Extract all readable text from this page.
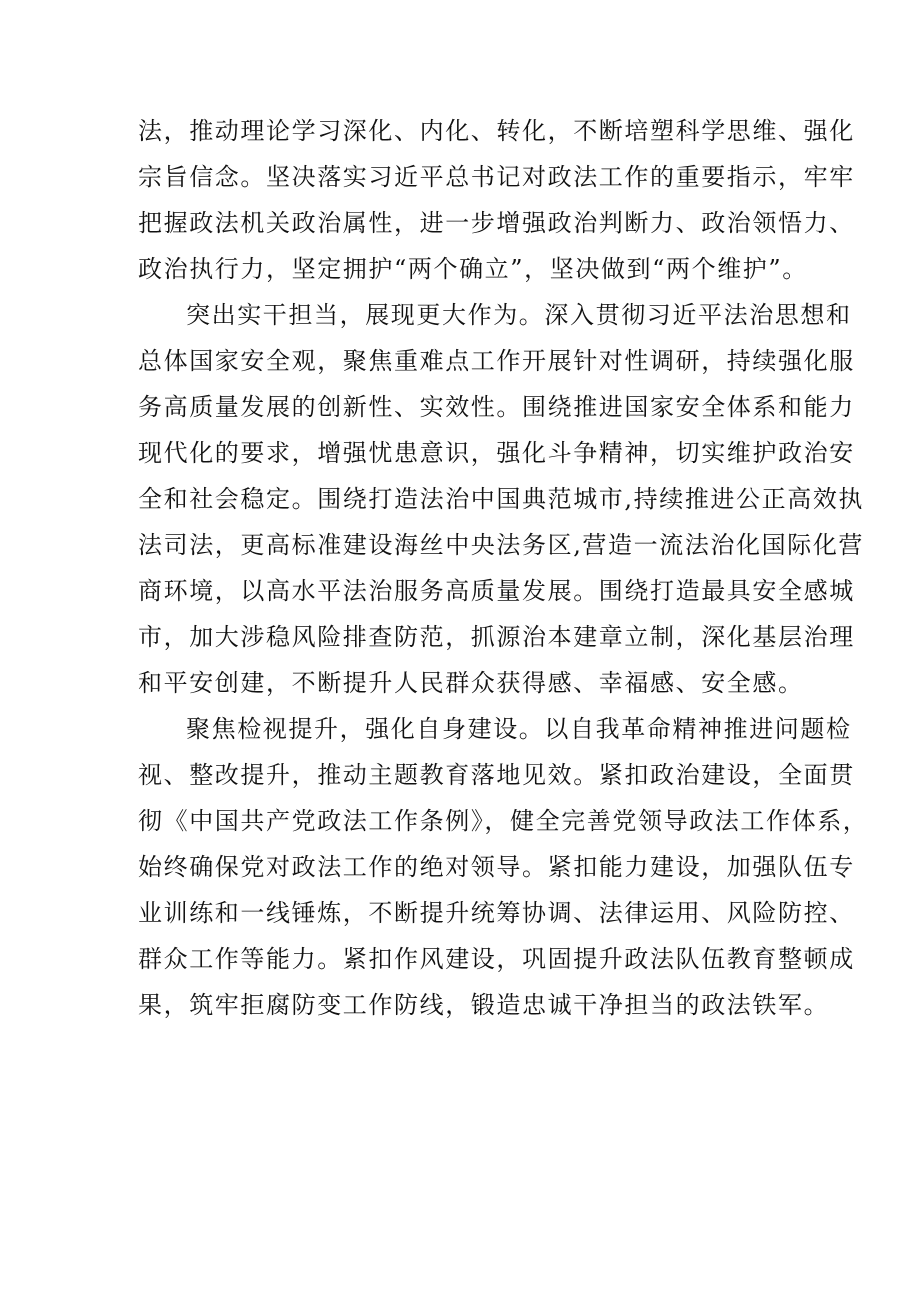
法，推动理论学习深化、内化、转化，不断培塑科学思维、强化
宗旨信念。坚决落实习近平总书记对政法工作的重要指示，牢牢
把握政法机关政治属性，进一步增强政治判断力、政治领悟力、
政治执行力，坚定拥护“两个确立”，坚决做到“两个维护”。
突出实干担当，展现更大作为。深入贯彻习近平法治思想和
总体国家安全观，聚焦重难点工作开展针对性调研，持续强化服
务高质量发展的创新性、实效性。围绕推进国家安全体系和能力
现代化的要求，增强忧患意识，强化斗争精神，切实维护政治安
全和社会稳定。围绕打造法治中国典范城市,持续推进公正高效执
法司法，更高标准建设海丝中央法务区,营造一流法治化国际化营
商环境，以高水平法治服务高质量发展。围绕打造最具安全感城
市，加大涉稳风险排查防范，抓源治本建章立制，深化基层治理
和平安创建，不断提升人民群众获得感、幸福感、安全感。
聚焦检视提升，强化自身建设。以自我革命精神推进问题检
视、整改提升，推动主题教育落地见效。紧扣政治建设，全面贯
彻《中国共产党政法工作条例》，健全完善党领导政法工作体系，
始终确保党对政法工作的绝对领导。紧扣能力建设，加强队伍专
业训练和一线锤炼，不断提升统筹协调、法律运用、风险防控、
群众工作等能力。紧扣作风建设，巩固提升政法队伍教育整顿成
果，筑牢拒腐防变工作防线，锻造忠诚干净担当的政法铁军。
